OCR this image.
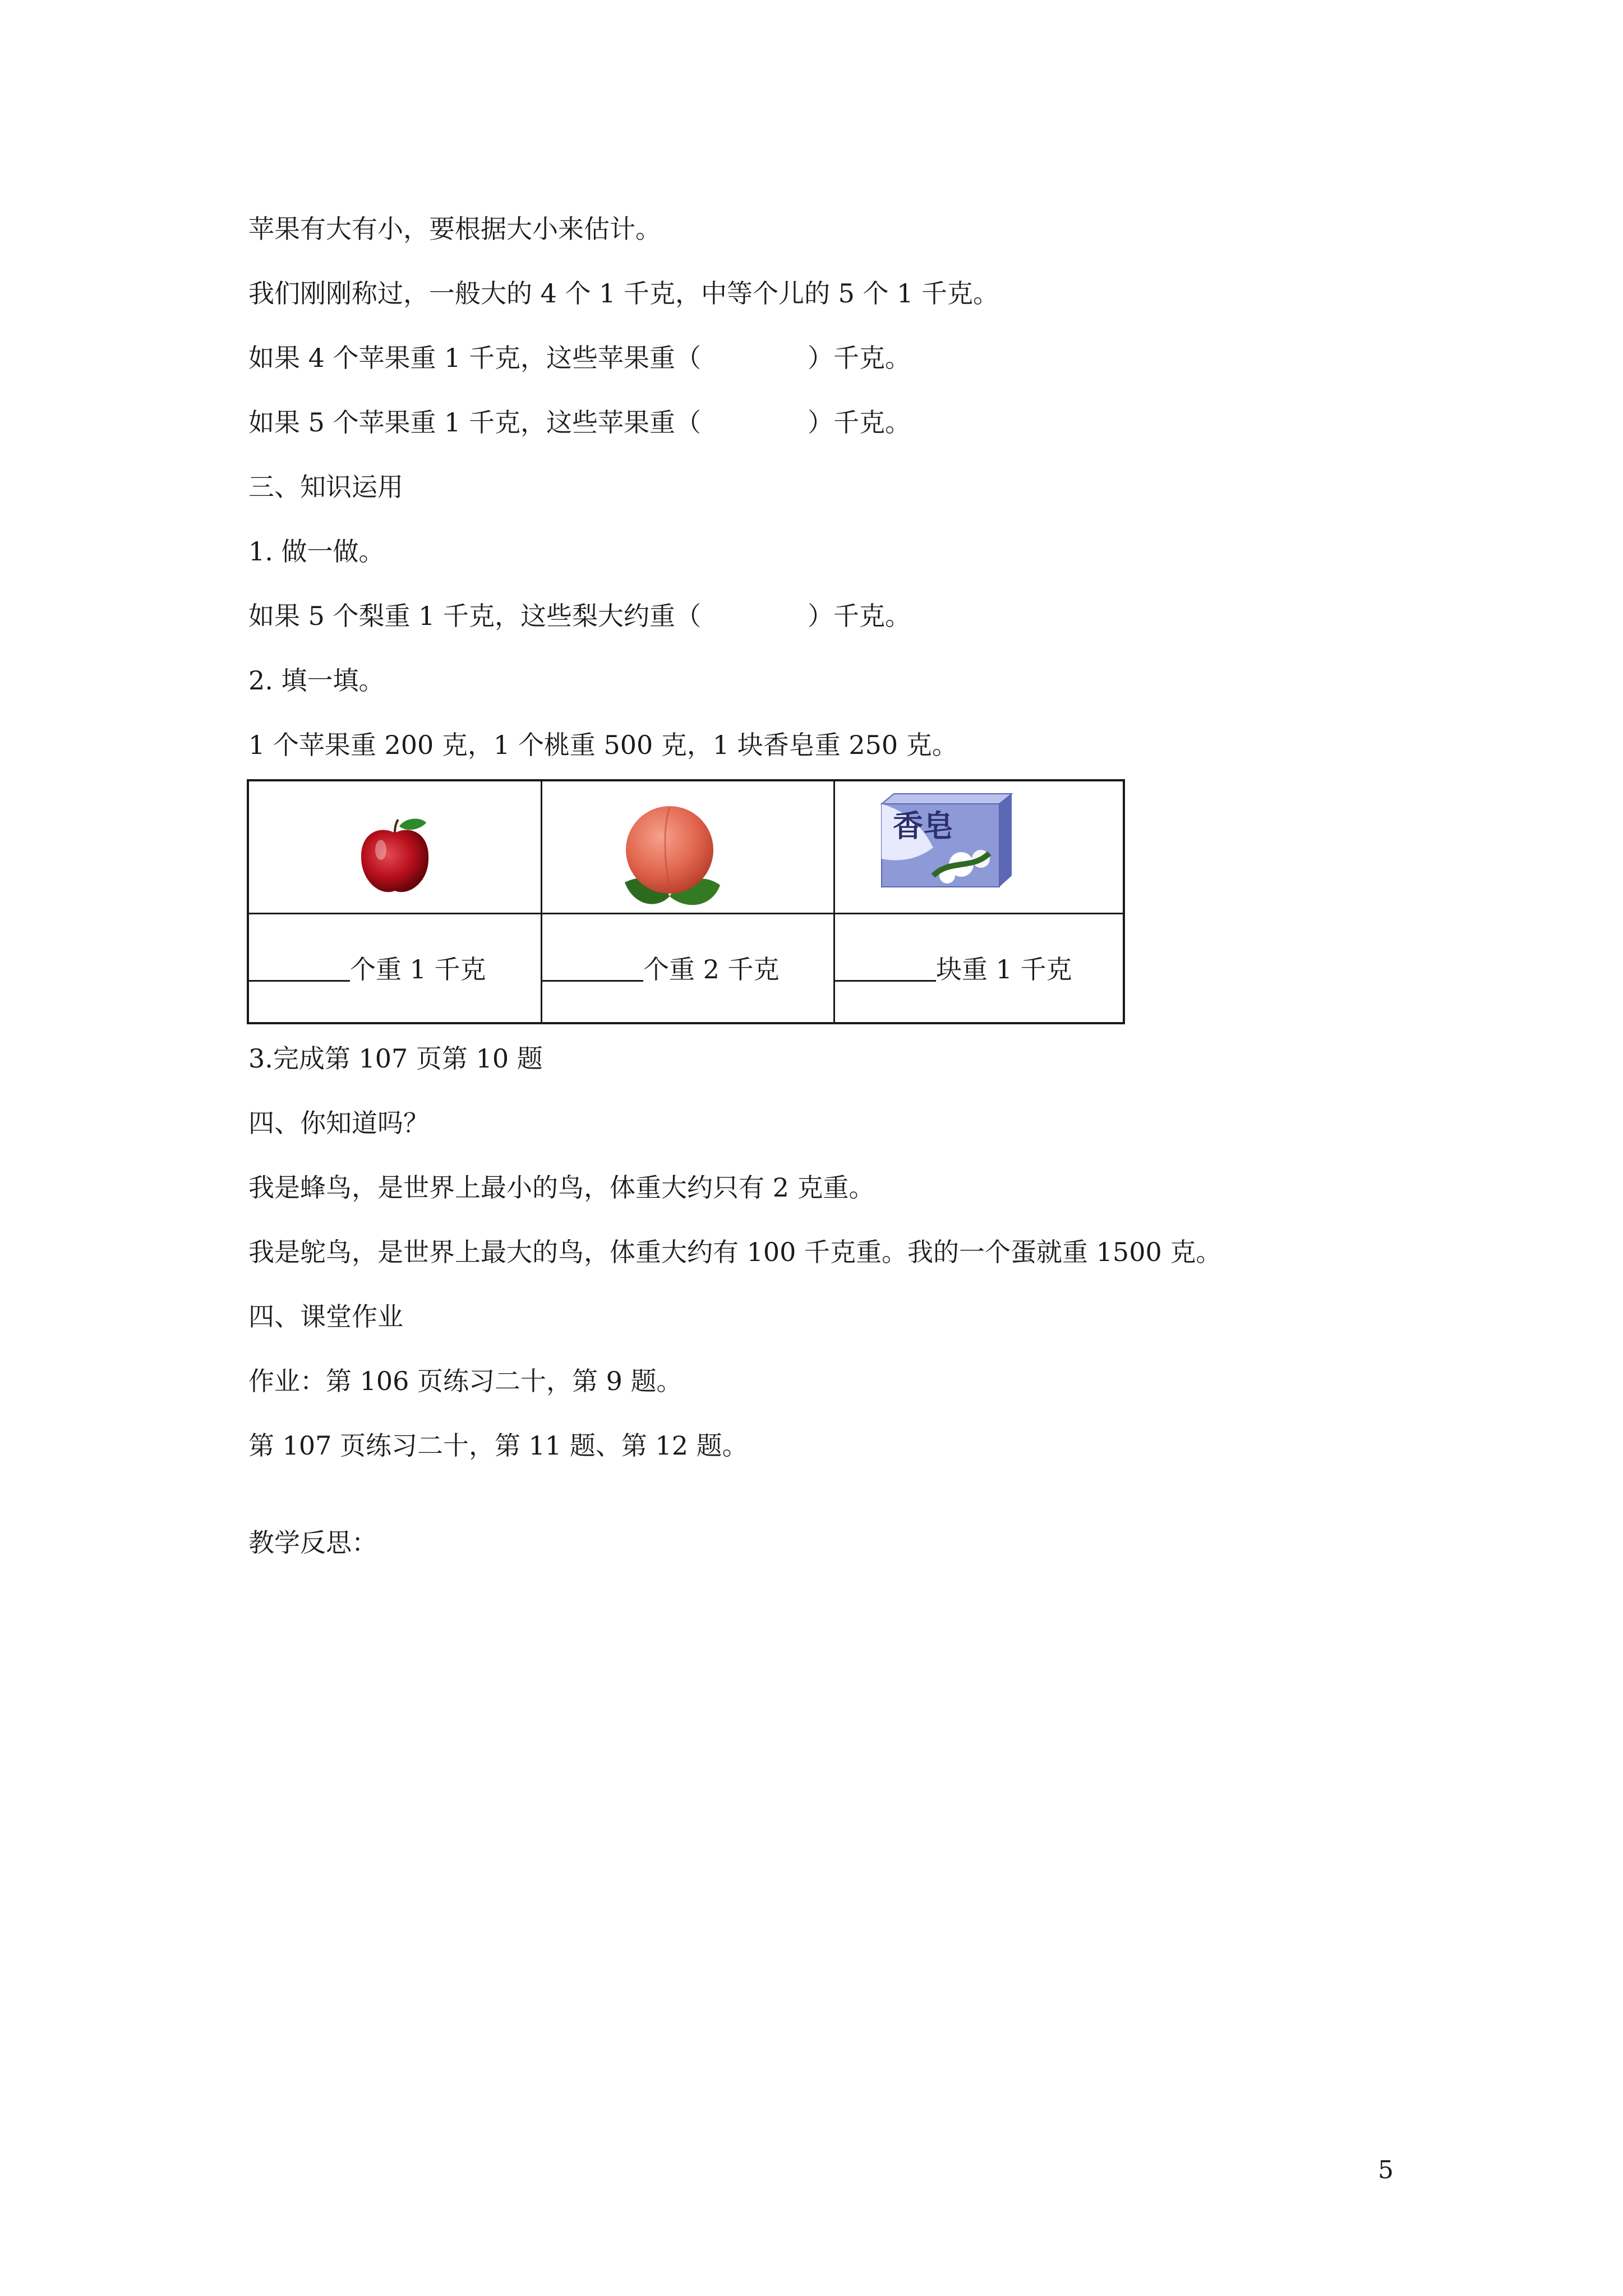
苹果有大有小，要根据大小来估计。
我们刚刚称过，一般大的 4 个 1 千克，中等个儿的 5 个 1 千克。
如果 4 个苹果重 1 千克，这些苹果重（	）千克。
如果 5 个苹果重 1 千克，这些苹果重（	）千克。
三、知识运用
1. 做一做。
如果 5 个梨重 1 千克，这些梨大约重（	）千克。
2. 填一填。
1 个苹果重 200 克，1 个桃重 500 克，1 块香皂重 250 克。
香皂
个重 1 千克	个重 2 千克	块重 1 千克
3.完成第 107 页第 10 题
四、你知道吗？
我是蜂鸟，是世界上最小的鸟，体重大约只有 2 克重。
我是鸵鸟，是世界上最大的鸟，体重大约有 100 千克重。我的一个蛋就重 1500 克。
四、课堂作业
作业：第 106 页练习二十，第 9 题。
第 107 页练习二十，第 11 题、第 12 题。
教学反思：
5
